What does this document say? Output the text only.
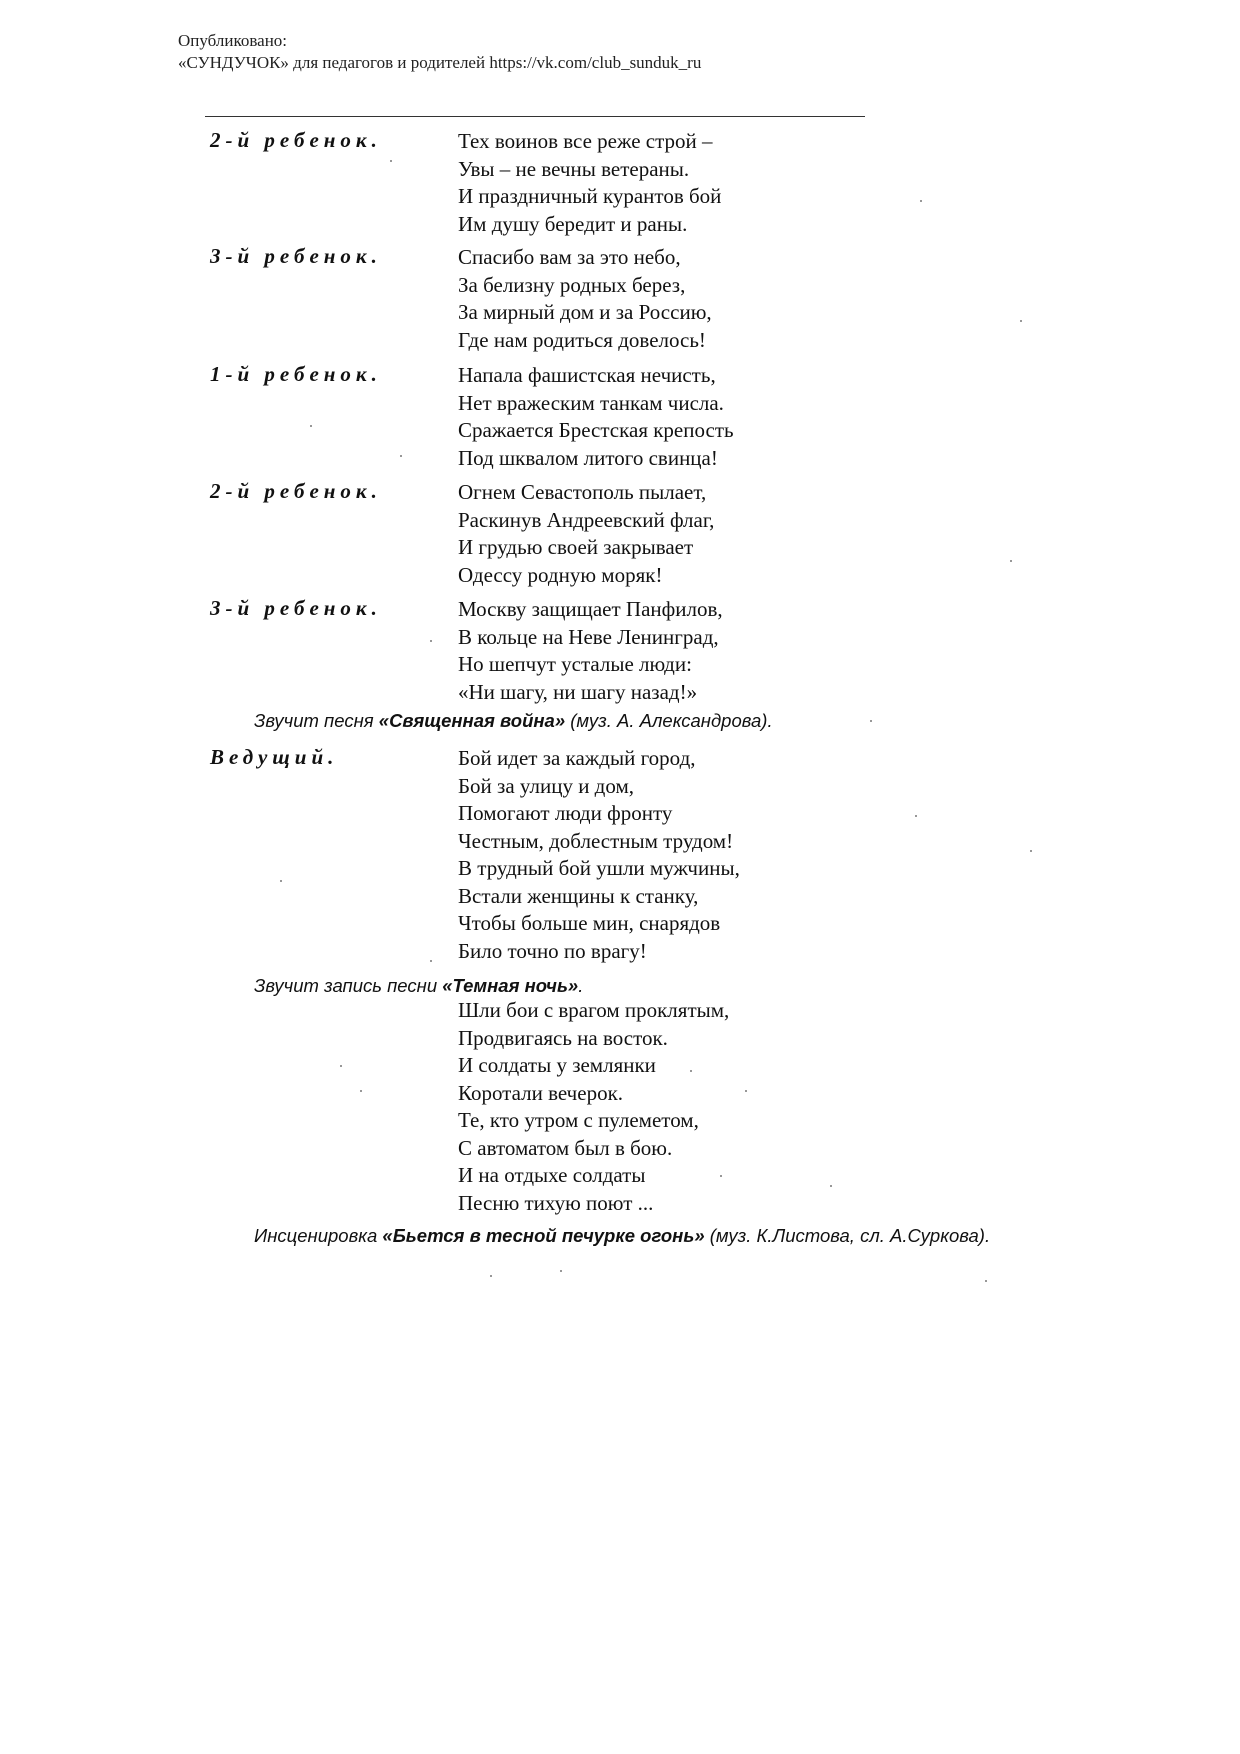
Опубликовано:
«СУНДУЧОК» для педагогов и родителей https://vk.com/club_sunduk_ru
2-й ребенок.	Тех воинов все реже строй –
Увы – не вечны ветераны.
И праздничный курантов бой
Им душу бередит и раны.
3-й ребенок.	Спасибо вам за это небо,
За белизну родных берез,
За мирный дом и за Россию,
Где нам родиться довелось!
1-й ребенок.	Напала фашистская нечисть,
Нет вражеским танкам числа.
Сражается Брестская крепость
Под шквалом литого свинца!
2-й ребенок.	Огнем Севастополь пылает,
Раскинув Андреевский флаг,
И грудью своей закрывает
Одессу родную моряк!
3-й ребенок.	Москву защищает Панфилов,
В кольце на Неве Ленинград,
Но шепчут усталые люди:
«Ни шагу, ни шагу назад!»
Звучит песня «Священная война» (муз. А. Александрова).
Ведущий.	Бой идет за каждый город,
Бой за улицу и дом,
Помогают люди фронту
Честным, доблестным трудом!
В трудный бой ушли мужчины,
Встали женщины к станку,
Чтобы больше мин, снарядов
Било точно по врагу!
Звучит запись песни «Темная ночь».
Шли бои с врагом проклятым,
Продвигаясь на восток.
И солдаты у землянки
Коротали вечерок.
Те, кто утром с пулеметом,
С автоматом был в бою.
И на отдыхе солдаты
Песню тихую поют ...
Инсценировка «Бьется в тесной печурке огонь» (муз. К.Листова, сл. А.Суркова).
